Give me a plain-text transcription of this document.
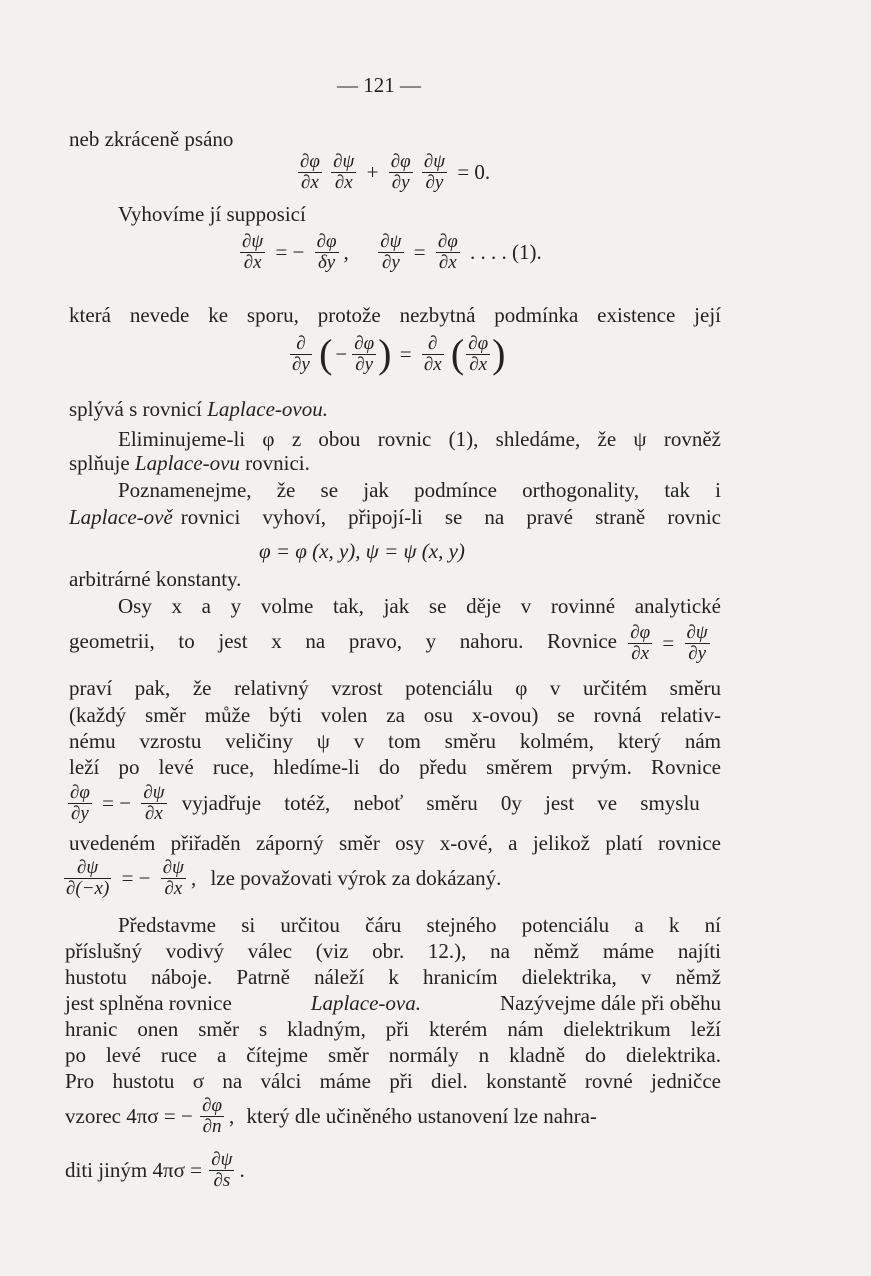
— 121 —
neb zkráceně psáno
$\frac{\partial\varphi}{\partial x}$
$\frac{\partial\psi}{\partial x} + \frac{\partial\varphi}{\partial y}$
$\frac{\partial\psi}{\partial y} = 0$.
Vyhovíme jí supposicí
$\frac{\partial\psi}{\partial x}$ = − $\frac{\partial\varphi}{\delta y}$ , $\frac{\partial\psi}{\partial y} = \frac{\partial\varphi}{\partial x}$ . . . . (1).
která nevede ke sporu, protože nezbytná podmínka existence její
$\frac{\partial}{\partial y}$ ( − $\frac{\partial\varphi}{\partial y}$ ) = $\frac{\partial}{\partial x}$ ( $\frac{\partial\varphi}{\partial x}$ )
splývá s rovnicí Laplace-ovou.
Eliminujeme-li φ z obou rovnic (1), shledáme, že ψ rovněž
splňuje Laplace-ovu rovnici.
Poznamenejme, že se jak podmínce orthogonality, tak i
Laplace-ově rovnici vyhoví, připojí-li se na pravé straně rovnic
φ = φ (x, y), ψ = ψ (x, y)
arbitrárné konstanty.
Osy x a y volme tak, jak se děje v rovinné analytické
geometrii, to jest x na pravo, y nahoru. Rovnice $\frac{\partial\varphi}{\partial x} = \frac{\partial\psi}{\partial y}$
praví pak, že relativný vzrost potenciálu φ v určitém směru
(každý směr může býti volen za osu x-ovou) se rovná relativ-
nému vzrostu veličiny ψ v tom směru kolmém, který nám
leží po levé ruce, hledíme-li do předu směrem prvým. Rovnice
$\frac{\partial\varphi}{\partial y}$ = − $\frac{\partial\psi}{\partial x}$ vyjadřuje totéž, neboť směru 0y jest ve smyslu
uvedeném přiřaděn záporný směr osy x-ové, a jelikož platí rovnice
$\frac{\partial\psi}{\partial(-x)}$ = − $\frac{\partial\psi}{\partial x}$ , lze považovati výrok za dokázaný.
Představme si určitou čáru stejného potenciálu a k ní
příslušný vodivý válec (viz obr. 12.), na němž máme najíti
hustotu náboje. Patrně náleží k hranicím dielektrika, v němž
jest splněna rovnice	Laplace-ova.	Nazývejme dále při oběhu
hranic onen směr s kladným, při kterém nám dielektrikum leží
po levé ruce a čítejme směr normály n kladně do dielektrika.
Pro hustotu σ na válci máme při diel. konstantě rovné jedničce
vzorec 4πσ = − $\frac{\partial\varphi}{\partial n}$ , který dle učiněného ustanovení lze nahra-
diti jiným $4\pi\sigma = \frac{\partial\psi}{\partial s}$ .
